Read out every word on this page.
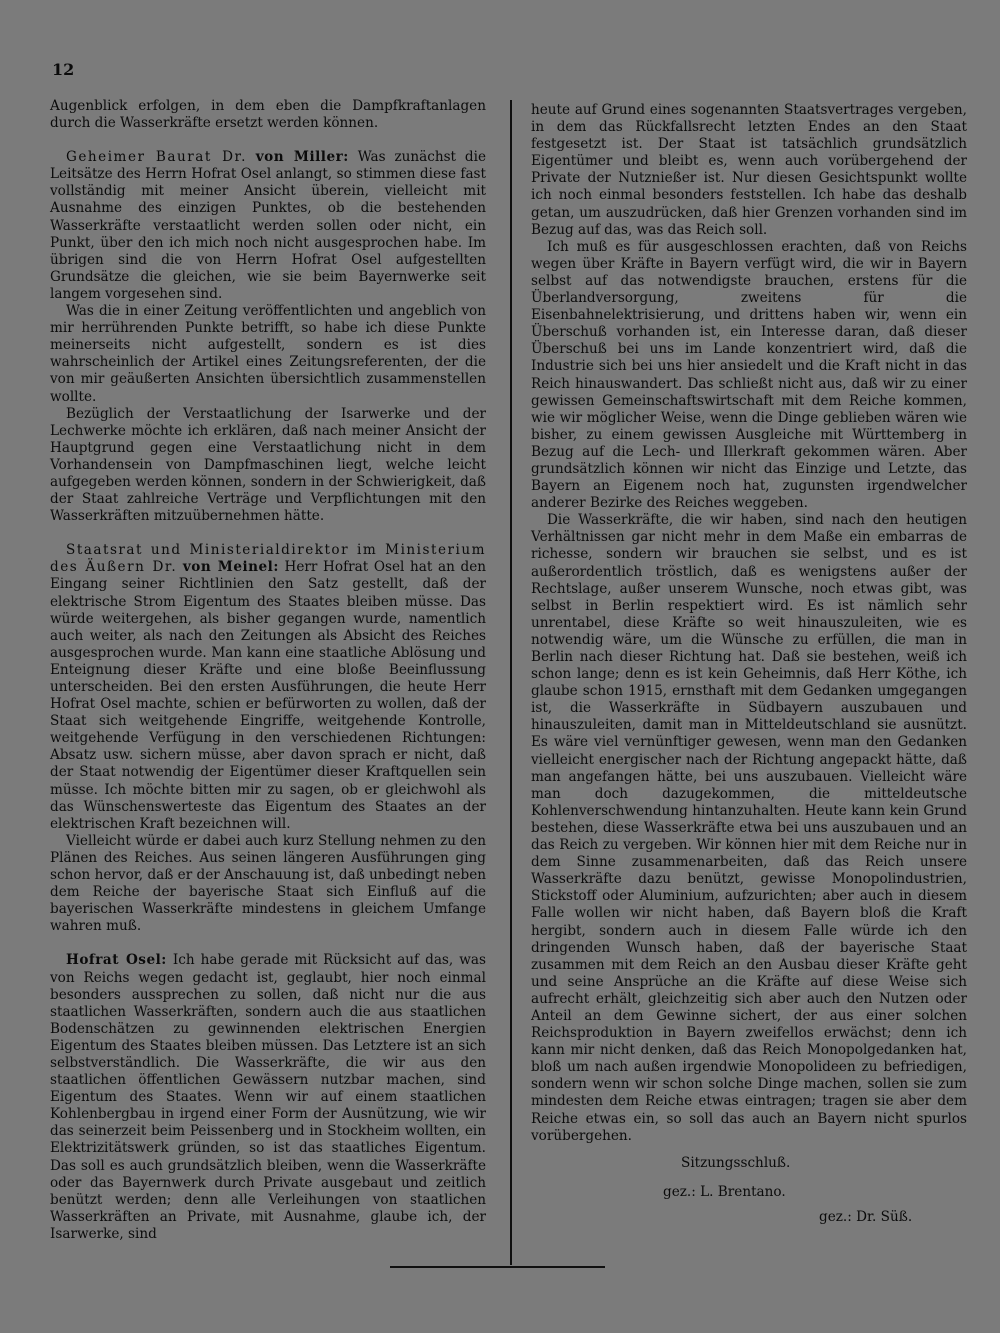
12

Augenblick erfolgen, in dem eben die Dampfkraftanlagen durch die Wasserkräfte ersetzt werden können.

Geheimer Baurat Dr. von Miller: Was zunächst die Leitsätze des Herrn Hofrat Osel anlangt, so stimmen diese fast vollständig mit meiner Ansicht überein, vielleicht mit Ausnahme des einzigen Punktes, ob die bestehenden Wasserkräfte verstaatlicht werden sollen oder nicht, ein Punkt, über den ich mich noch nicht ausgesprochen habe. Im übrigen sind die von Herrn Hofrat Osel aufgestellten Grundsätze die gleichen, wie sie beim Bayernwerke seit langem vorgesehen sind.

Was die in einer Zeitung veröffentlichten und angeblich von mir herrührenden Punkte betrifft, so habe ich diese Punkte meinerseits nicht aufgestellt, sondern es ist dies wahrscheinlich der Artikel eines Zeitungsreferenten, der die von mir geäußerten Ansichten übersichtlich zusammenstellen wollte.

Bezüglich der Verstaatlichung der Isarwerke und der Lechwerke möchte ich erklären, daß nach meiner Ansicht der Hauptgrund gegen eine Verstaatlichung nicht in dem Vorhandensein von Dampfmaschinen liegt, welche leicht aufgegeben werden können, sondern in der Schwierigkeit, daß der Staat zahlreiche Verträge und Verpflichtungen mit den Wasserkräften mitzuübernehmen hätte.

Staatsrat und Ministerialdirektor im Ministerium des Äußern Dr. von Meinel: Herr Hofrat Osel hat an den Eingang seiner Richtlinien den Satz gestellt, daß der elektrische Strom Eigentum des Staates bleiben müsse. Das würde weitergehen, als bisher gegangen wurde, namentlich auch weiter, als nach den Zeitungen als Absicht des Reiches ausgesprochen wurde. Man kann eine staatliche Ablösung und Enteignung dieser Kräfte und eine bloße Beeinflussung unterscheiden. Bei den ersten Ausführungen, die heute Herr Hofrat Osel machte, schien er befürworten zu wollen, daß der Staat sich weitgehende Eingriffe, weitgehende Kontrolle, weitgehende Verfügung in den verschiedenen Richtungen: Absatz usw. sichern müsse, aber davon sprach er nicht, daß der Staat notwendig der Eigentümer dieser Kraftquellen sein müsse. Ich möchte bitten mir zu sagen, ob er gleichwohl als das Wünschenswerteste das Eigentum des Staates an der elektrischen Kraft bezeichnen will.

Vielleicht würde er dabei auch kurz Stellung nehmen zu den Plänen des Reiches. Aus seinen längeren Ausführungen ging schon hervor, daß er der Anschauung ist, daß unbedingt neben dem Reiche der bayerische Staat sich Einfluß auf die bayerischen Wasserkräfte mindestens in gleichem Umfange wahren muß.

Hofrat Osel: Ich habe gerade mit Rücksicht auf das, was von Reichs wegen gedacht ist, geglaubt, hier noch einmal besonders aussprechen zu sollen, daß nicht nur die aus staatlichen Wasserkräften, sondern auch die aus staatlichen Bodenschätzen zu gewinnenden elektrischen Energien Eigentum des Staates bleiben müssen. Das Letztere ist an sich selbstverständlich. Die Wasserkräfte, die wir aus den staatlichen öffentlichen Gewässern nutzbar machen, sind Eigentum des Staates. Wenn wir auf einem staatlichen Kohlenbergbau in irgend einer Form der Ausnützung, wie wir das seinerzeit beim Peissenberg und in Stockheim wollten, ein Elektrizitätswerk gründen, so ist das staatliches Eigentum. Das soll es auch grundsätzlich bleiben, wenn die Wasserkräfte oder das Bayernwerk durch Private ausgebaut und zeitlich benützt werden; denn alle Verleihungen von staatlichen Wasserkräften an Private, mit Ausnahme, glaube ich, der Isarwerke, sind

heute auf Grund eines sogenannten Staatsvertrages vergeben, in dem das Rückfallsrecht letzten Endes an den Staat festgesetzt ist. Der Staat ist tatsächlich grundsätzlich Eigentümer und bleibt es, wenn auch vorübergehend der Private der Nutznießer ist. Nur diesen Gesichtspunkt wollte ich noch einmal besonders feststellen. Ich habe das deshalb getan, um auszudrücken, daß hier Grenzen vorhanden sind im Bezug auf das, was das Reich soll.

Ich muß es für ausgeschlossen erachten, daß von Reichs wegen über Kräfte in Bayern verfügt wird, die wir in Bayern selbst auf das notwendigste brauchen, erstens für die Überlandversorgung, zweitens für die Eisenbahnelektrisierung, und drittens haben wir, wenn ein Überschuß vorhanden ist, ein Interesse daran, daß dieser Überschuß bei uns im Lande konzentriert wird, daß die Industrie sich bei uns hier ansiedelt und die Kraft nicht in das Reich hinauswandert. Das schließt nicht aus, daß wir zu einer gewissen Gemeinschaftswirtschaft mit dem Reiche kommen, wie wir möglicher Weise, wenn die Dinge geblieben wären wie bisher, zu einem gewissen Ausgleiche mit Württemberg in Bezug auf die Lech- und Illerkraft gekommen wären. Aber grundsätzlich können wir nicht das Einzige und Letzte, das Bayern an Eigenem noch hat, zugunsten irgendwelcher anderer Bezirke des Reiches weggeben.

Die Wasserkräfte, die wir haben, sind nach den heutigen Verhältnissen gar nicht mehr in dem Maße ein embarras de richesse, sondern wir brauchen sie selbst, und es ist außerordentlich tröstlich, daß es wenigstens außer der Rechtslage, außer unserem Wunsche, noch etwas gibt, was selbst in Berlin respektiert wird. Es ist nämlich sehr unrentabel, diese Kräfte so weit hinauszuleiten, wie es notwendig wäre, um die Wünsche zu erfüllen, die man in Berlin nach dieser Richtung hat. Daß sie bestehen, weiß ich schon lange; denn es ist kein Geheimnis, daß Herr Köthe, ich glaube schon 1915, ernsthaft mit dem Gedanken umgegangen ist, die Wasserkräfte in Südbayern auszubauen und hinauszuleiten, damit man in Mitteldeutschland sie ausnützt. Es wäre viel vernünftiger gewesen, wenn man den Gedanken vielleicht energischer nach der Richtung angepackt hätte, daß man angefangen hätte, bei uns auszubauen. Vielleicht wäre man doch dazugekommen, die mitteldeutsche Kohlenverschwendung hintanzuhalten. Heute kann kein Grund bestehen, diese Wasserkräfte etwa bei uns auszubauen und an das Reich zu vergeben. Wir können hier mit dem Reiche nur in dem Sinne zusammenarbeiten, daß das Reich unsere Wasserkräfte dazu benützt, gewisse Monopolindustrien, Stickstoff oder Aluminium, aufzurichten; aber auch in diesem Falle wollen wir nicht haben, daß Bayern bloß die Kraft hergibt, sondern auch in diesem Falle würde ich den dringenden Wunsch haben, daß der bayerische Staat zusammen mit dem Reich an den Ausbau dieser Kräfte geht und seine Ansprüche an die Kräfte auf diese Weise sich aufrecht erhält, gleichzeitig sich aber auch den Nutzen oder Anteil an dem Gewinne sichert, der aus einer solchen Reichsproduktion in Bayern zweifellos erwächst; denn ich kann mir nicht denken, daß das Reich Monopolgedanken hat, bloß um nach außen irgendwie Monopolideen zu befriedigen, sondern wenn wir schon solche Dinge machen, sollen sie zum mindesten dem Reiche etwas eintragen; tragen sie aber dem Reiche etwas ein, so soll das auch an Bayern nicht spurlos vorübergehen.

Sitzungsschluß.

gez.: L. Brentano.

gez.: Dr. Süß.
